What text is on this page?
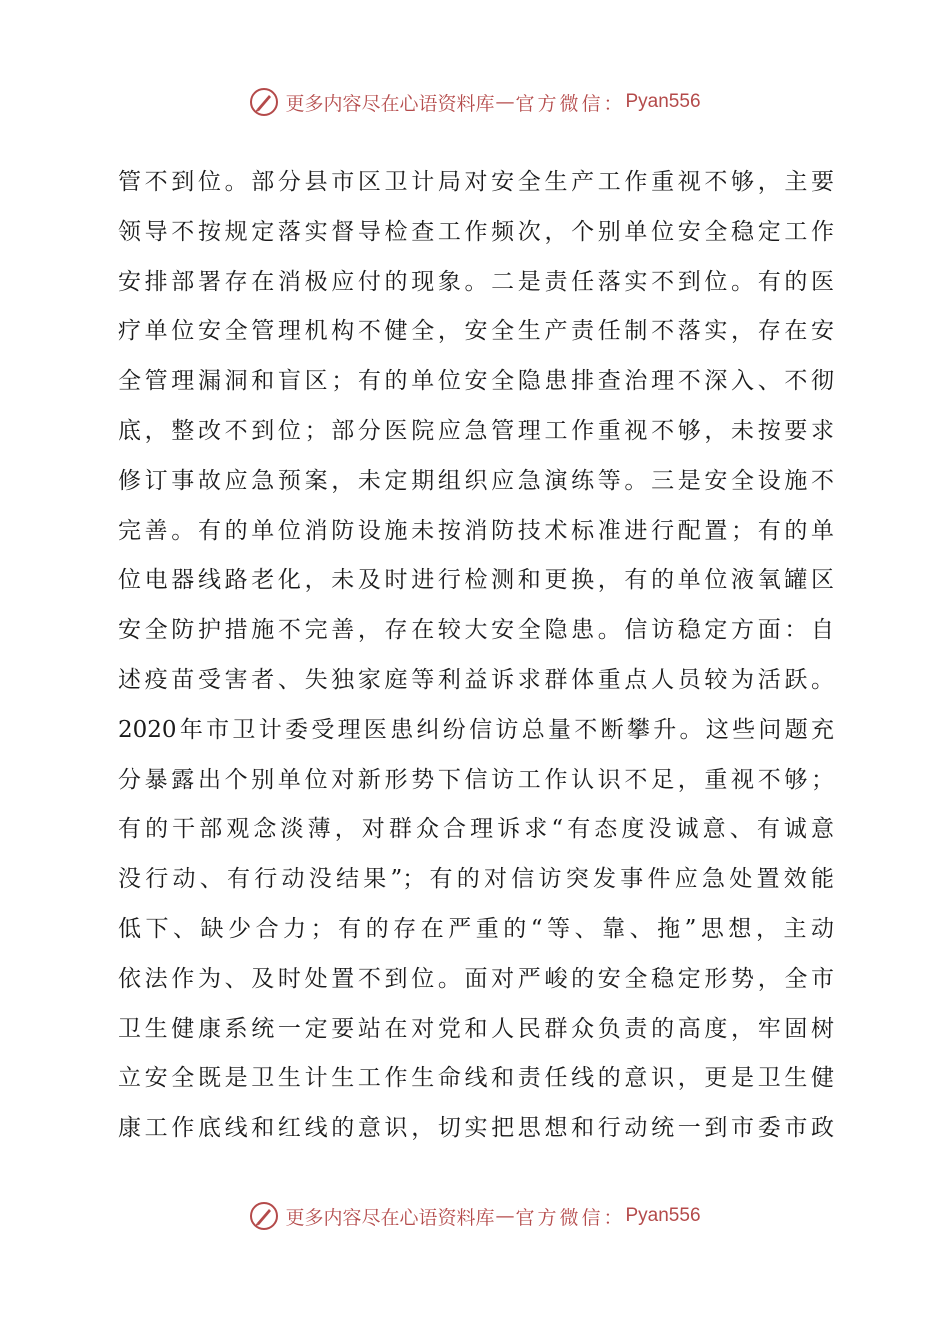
更多内容尽在心语资料库 — 官方微信： Pyan556
管不到位。部分县市区卫计局对安全生产工作重视不够，主要
领导不按规定落实督导检查工作频次，个别单位安全稳定工作
安排部署存在消极应付的现象。二是责任落实不到位。有的医
疗单位安全管理机构不健全，安全生产责任制不落实，存在安
全管理漏洞和盲区；有的单位安全隐患排查治理不深入、不彻
底，整改不到位；部分医院应急管理工作重视不够，未按要求
修订事故应急预案，未定期组织应急演练等。三是安全设施不
完善。有的单位消防设施未按消防技术标准进行配置；有的单
位电器线路老化，未及时进行检测和更换，有的单位液氧罐区
安全防护措施不完善，存在较大安全隐患。信访稳定方面：自
述疫苗受害者、失独家庭等利益诉求群体重点人员较为活跃。
2020年市卫计委受理医患纠纷信访总量不断攀升。这些问题充
分暴露出个别单位对新形势下信访工作认识不足，重视不够；
有的干部观念淡薄，对群众合理诉求“有态度没诚意、有诚意
没行动、有行动没结果”；有的对信访突发事件应急处置效能
低下、缺少合力；有的存在严重的“等、靠、拖”思想，主动
依法作为、及时处置不到位。面对严峻的安全稳定形势，全市
卫生健康系统一定要站在对党和人民群众负责的高度，牢固树
立安全既是卫生计生工作生命线和责任线的意识，更是卫生健
康工作底线和红线的意识，切实把思想和行动统一到市委市政
更多内容尽在心语资料库 — 官方微信： Pyan556
